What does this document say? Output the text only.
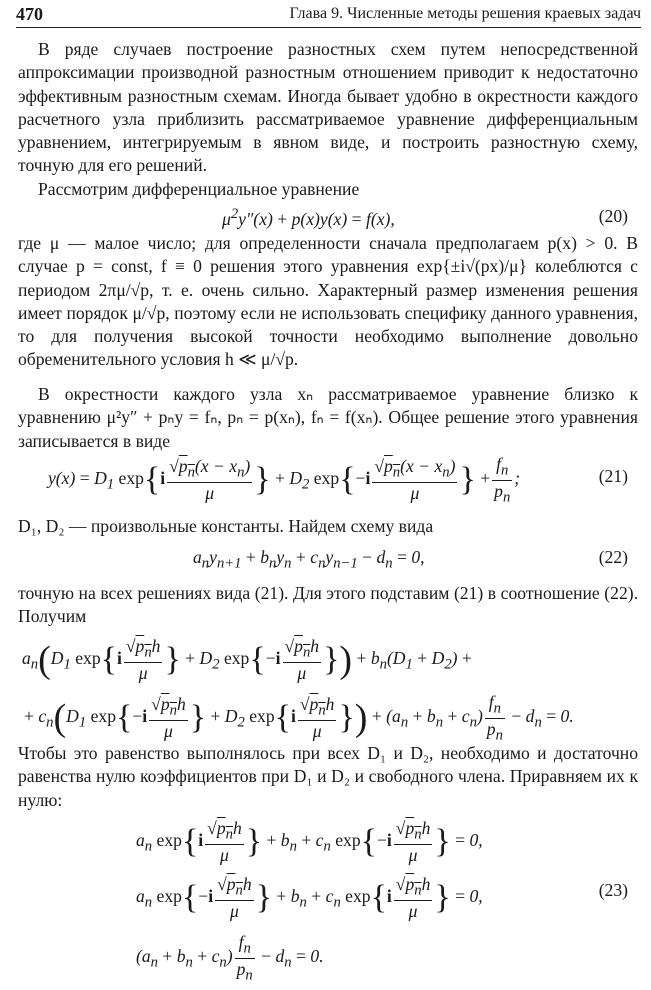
470	Глава 9. Численные методы решения краевых задач

В ряде случаев построение разностных схем путем непосредственной аппроксимации производной разностным отношением приводит к недостаточно эффективным разностным схемам. Иногда бывает удобно в окрестности каждого расчетного узла приблизить рассматриваемое уравнение дифференциальным уравнением, интегрируемым в явном виде, и построить разностную схему, точную для его решений.

Рассмотрим дифференциальное уравнение

$\mu^2y''(x) + p(x)y(x) = f(x)$,	(20)

где μ — малое число; для определенности сначала предполагаем p(x) > 0. В случае p = const, f ≡ 0 решения этого уравнения exp{±i√(px)/μ} колеблются с периодом 2πμ/√p, т. е. очень сильно. Характерный размер изменения решения имеет порядок μ/√p, поэтому если не использовать специфику данного уравнения, то для получения высокой точности необходимо выполнение довольно обременительного условия h ≪ μ/√p.

В окрестности каждого узла xₙ рассматриваемое уравнение близко к уравнению μ²y″ + pₙy = fₙ, pₙ = p(xₙ), fₙ = f(xₙ). Общее решение этого уравнения записывается в виде

$y(x) = D_1$ $\exp\{i \frac{√p_n(x - x_n)}{\mu}$ } + $D_2$ $\exp\{-i \frac{√p_n(x - x_n)}{\mu}$ } + $\frac{f_n}{p_n}$ ;	(21)

D₁, D₂ — произвольные константы. Найдем схему вида

$a_ny_{n+1} + b_ny_n + c_ny_{n-1} - d_n = 0$,	(22)

точную на всех решениях вида (21). Для этого подставим (21) в соотношение (22). Получим

$a_n(D_1$ $\exp\{i \frac{√p_nh}{\mu}$ } + $D_2$ $\exp\{-i \frac{√p_nh}{\mu}$ }) + $b_n(D_1 + D_2)$ +
+ $c_n(D_1$ $\exp\{-i \frac{√p_nh}{\mu}$ } + $D_2$ $\exp\{i \frac{√p_nh}{\mu}$ }) + $(a_n + b_n + c_n) \frac{f_n}{p_n} - d_n = 0$.

Чтобы это равенство выполнялось при всех D₁ и D₂, необходимо и достаточно равенства нулю коэффициентов при D₁ и D₂ и свободного члена. Приравняем их к нулю:

$a_n$ $\exp\{i \frac{√p_nh}{\mu}$ } + $b_n + c_n$ $\exp\{-i \frac{√p_nh}{\mu}$ } = 0,
$a_n$ $\exp\{-i \frac{√p_nh}{\mu}$ } + $b_n + c_n$ $\exp\{i \frac{√p_nh}{\mu}$ } = 0,
$(a_n + b_n + c_n) \frac{f_n}{p_n} - d_n = 0$.
(23)
